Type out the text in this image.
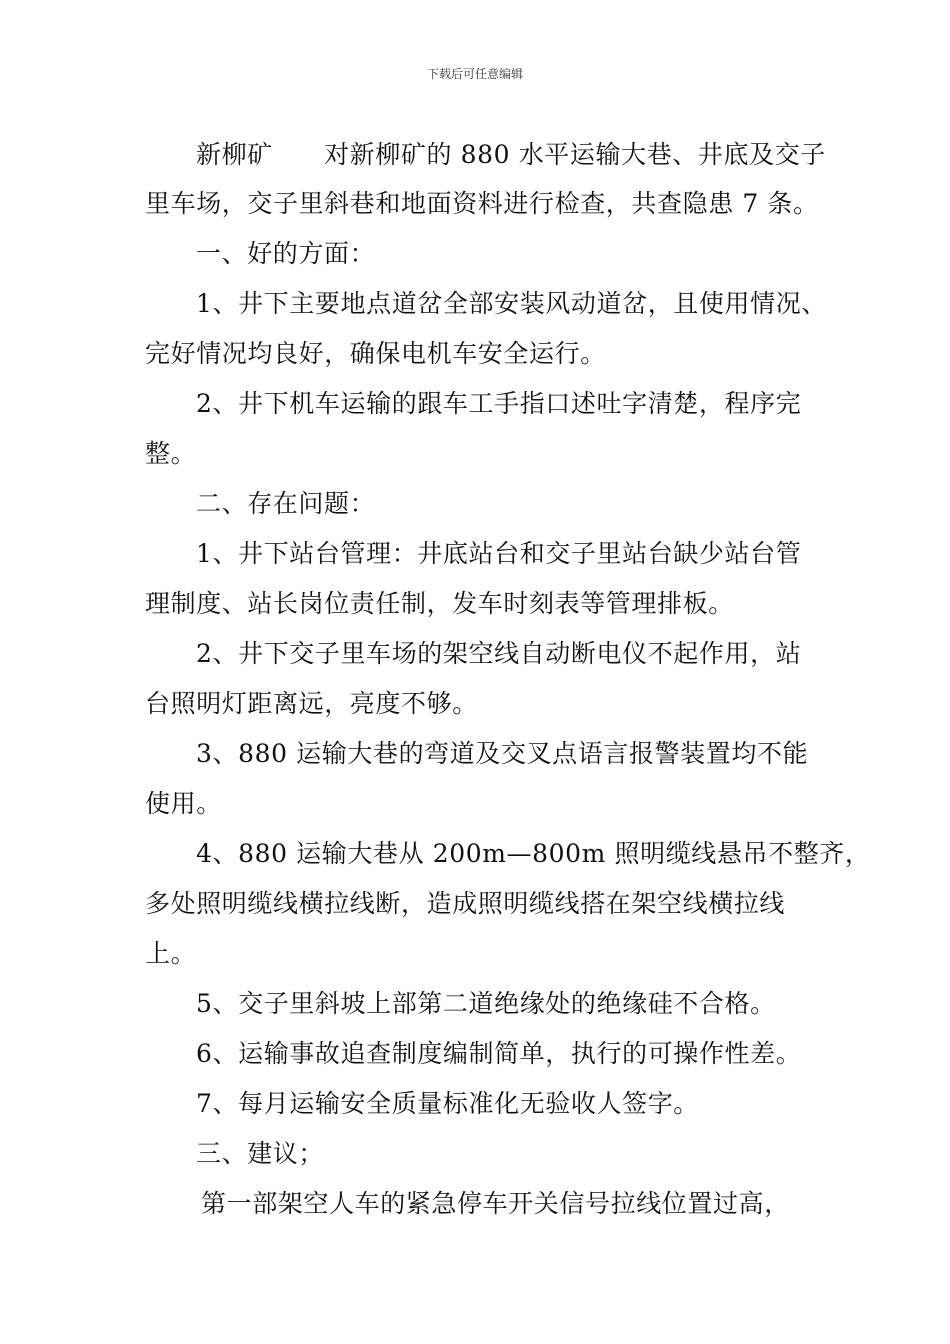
下载后可任意编辑
新柳矿      对新柳矿的 880 水平运输大巷、井底及交子
里车场，交子里斜巷和地面资料进行检查，共查隐患 7 条。
一、好的方面：
1、井下主要地点道岔全部安装风动道岔，且使用情况、
完好情况均良好，确保电机车安全运行。
2、井下机车运输的跟车工手指口述吐字清楚，程序完
整。
二、存在问题：
1、井下站台管理：井底站台和交子里站台缺少站台管
理制度、站长岗位责任制，发车时刻表等管理排板。
2、井下交子里车场的架空线自动断电仪不起作用，站
台照明灯距离远，亮度不够。
3、880 运输大巷的弯道及交叉点语言报警装置均不能
使用。
4、880 运输大巷从 200m—800m 照明缆线悬吊不整齐，
多处照明缆线横拉线断，造成照明缆线搭在架空线横拉线
上。
5、交子里斜坡上部第二道绝缘处的绝缘硅不合格。
6、运输事故追查制度编制简单，执行的可操作性差。
7、每月运输安全质量标准化无验收人签字。
三、建议；
第一部架空人车的紧急停车开关信号拉线位置过高，
